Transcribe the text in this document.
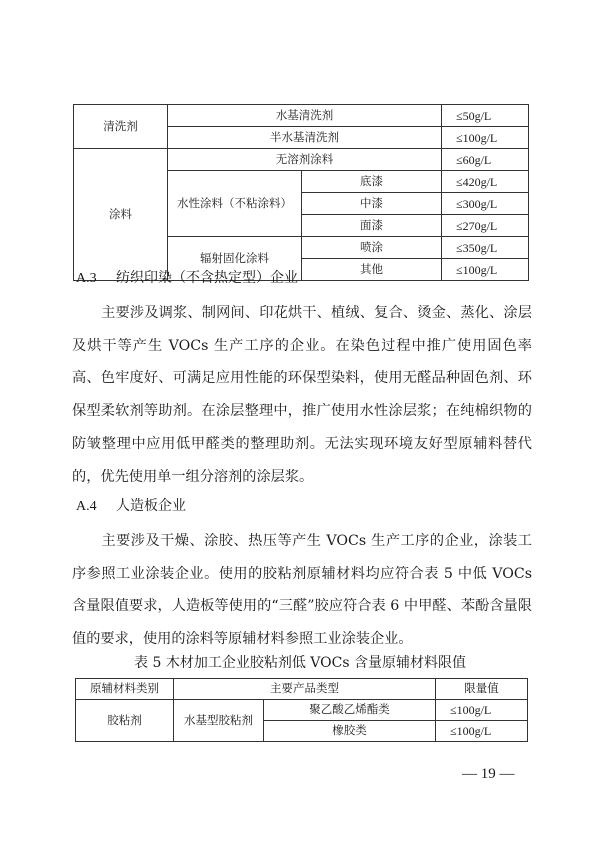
清洗剂	水基清洗剂		≤50g/L
	半水基清洗剂		≤100g/L
涂料	无溶剂涂料		≤60g/L
	水性涂料（不粘涂料）	底漆	≤420g/L
		中漆	≤300g/L
		面漆	≤270g/L
	辐射固化涂料	喷涂	≤350g/L
		其他	≤100g/L
A.3 纺织印染（不含热定型）企业

主要涉及调浆、制网间、印花烘干、植绒、复合、烫金、蒸化、涂层及烘干等产生 VOCs 生产工序的企业。在染色过程中推广使用固色率高、色牢度好、可满足应用性能的环保型染料，使用无醛品种固色剂、环保型柔软剂等助剂。在涂层整理中，推广使用水性涂层浆；在纯棉织物的防皱整理中应用低甲醛类的整理助剂。无法实现环境友好型原辅料替代的，优先使用单一组分溶剂的涂层浆。

A.4 人造板企业

主要涉及干燥、涂胶、热压等产生 VOCs 生产工序的企业，涂装工序参照工业涂装企业。使用的胶粘剂原辅材料均应符合表 5 中低 VOCs 含量限值要求，人造板等使用的“三醛”胶应符合表 6 中甲醛、苯酚含量限值的要求，使用的涂料等原辅材料参照工业涂装企业。

表 5 木材加工企业胶粘剂低 VOCs 含量原辅材料限值
原辅材料类别	主要产品类型		限量值
胶粘剂	水基型胶粘剂	聚乙酸乙烯酯类	≤100g/L
		橡胶类	≤100g/L
— 19 —
